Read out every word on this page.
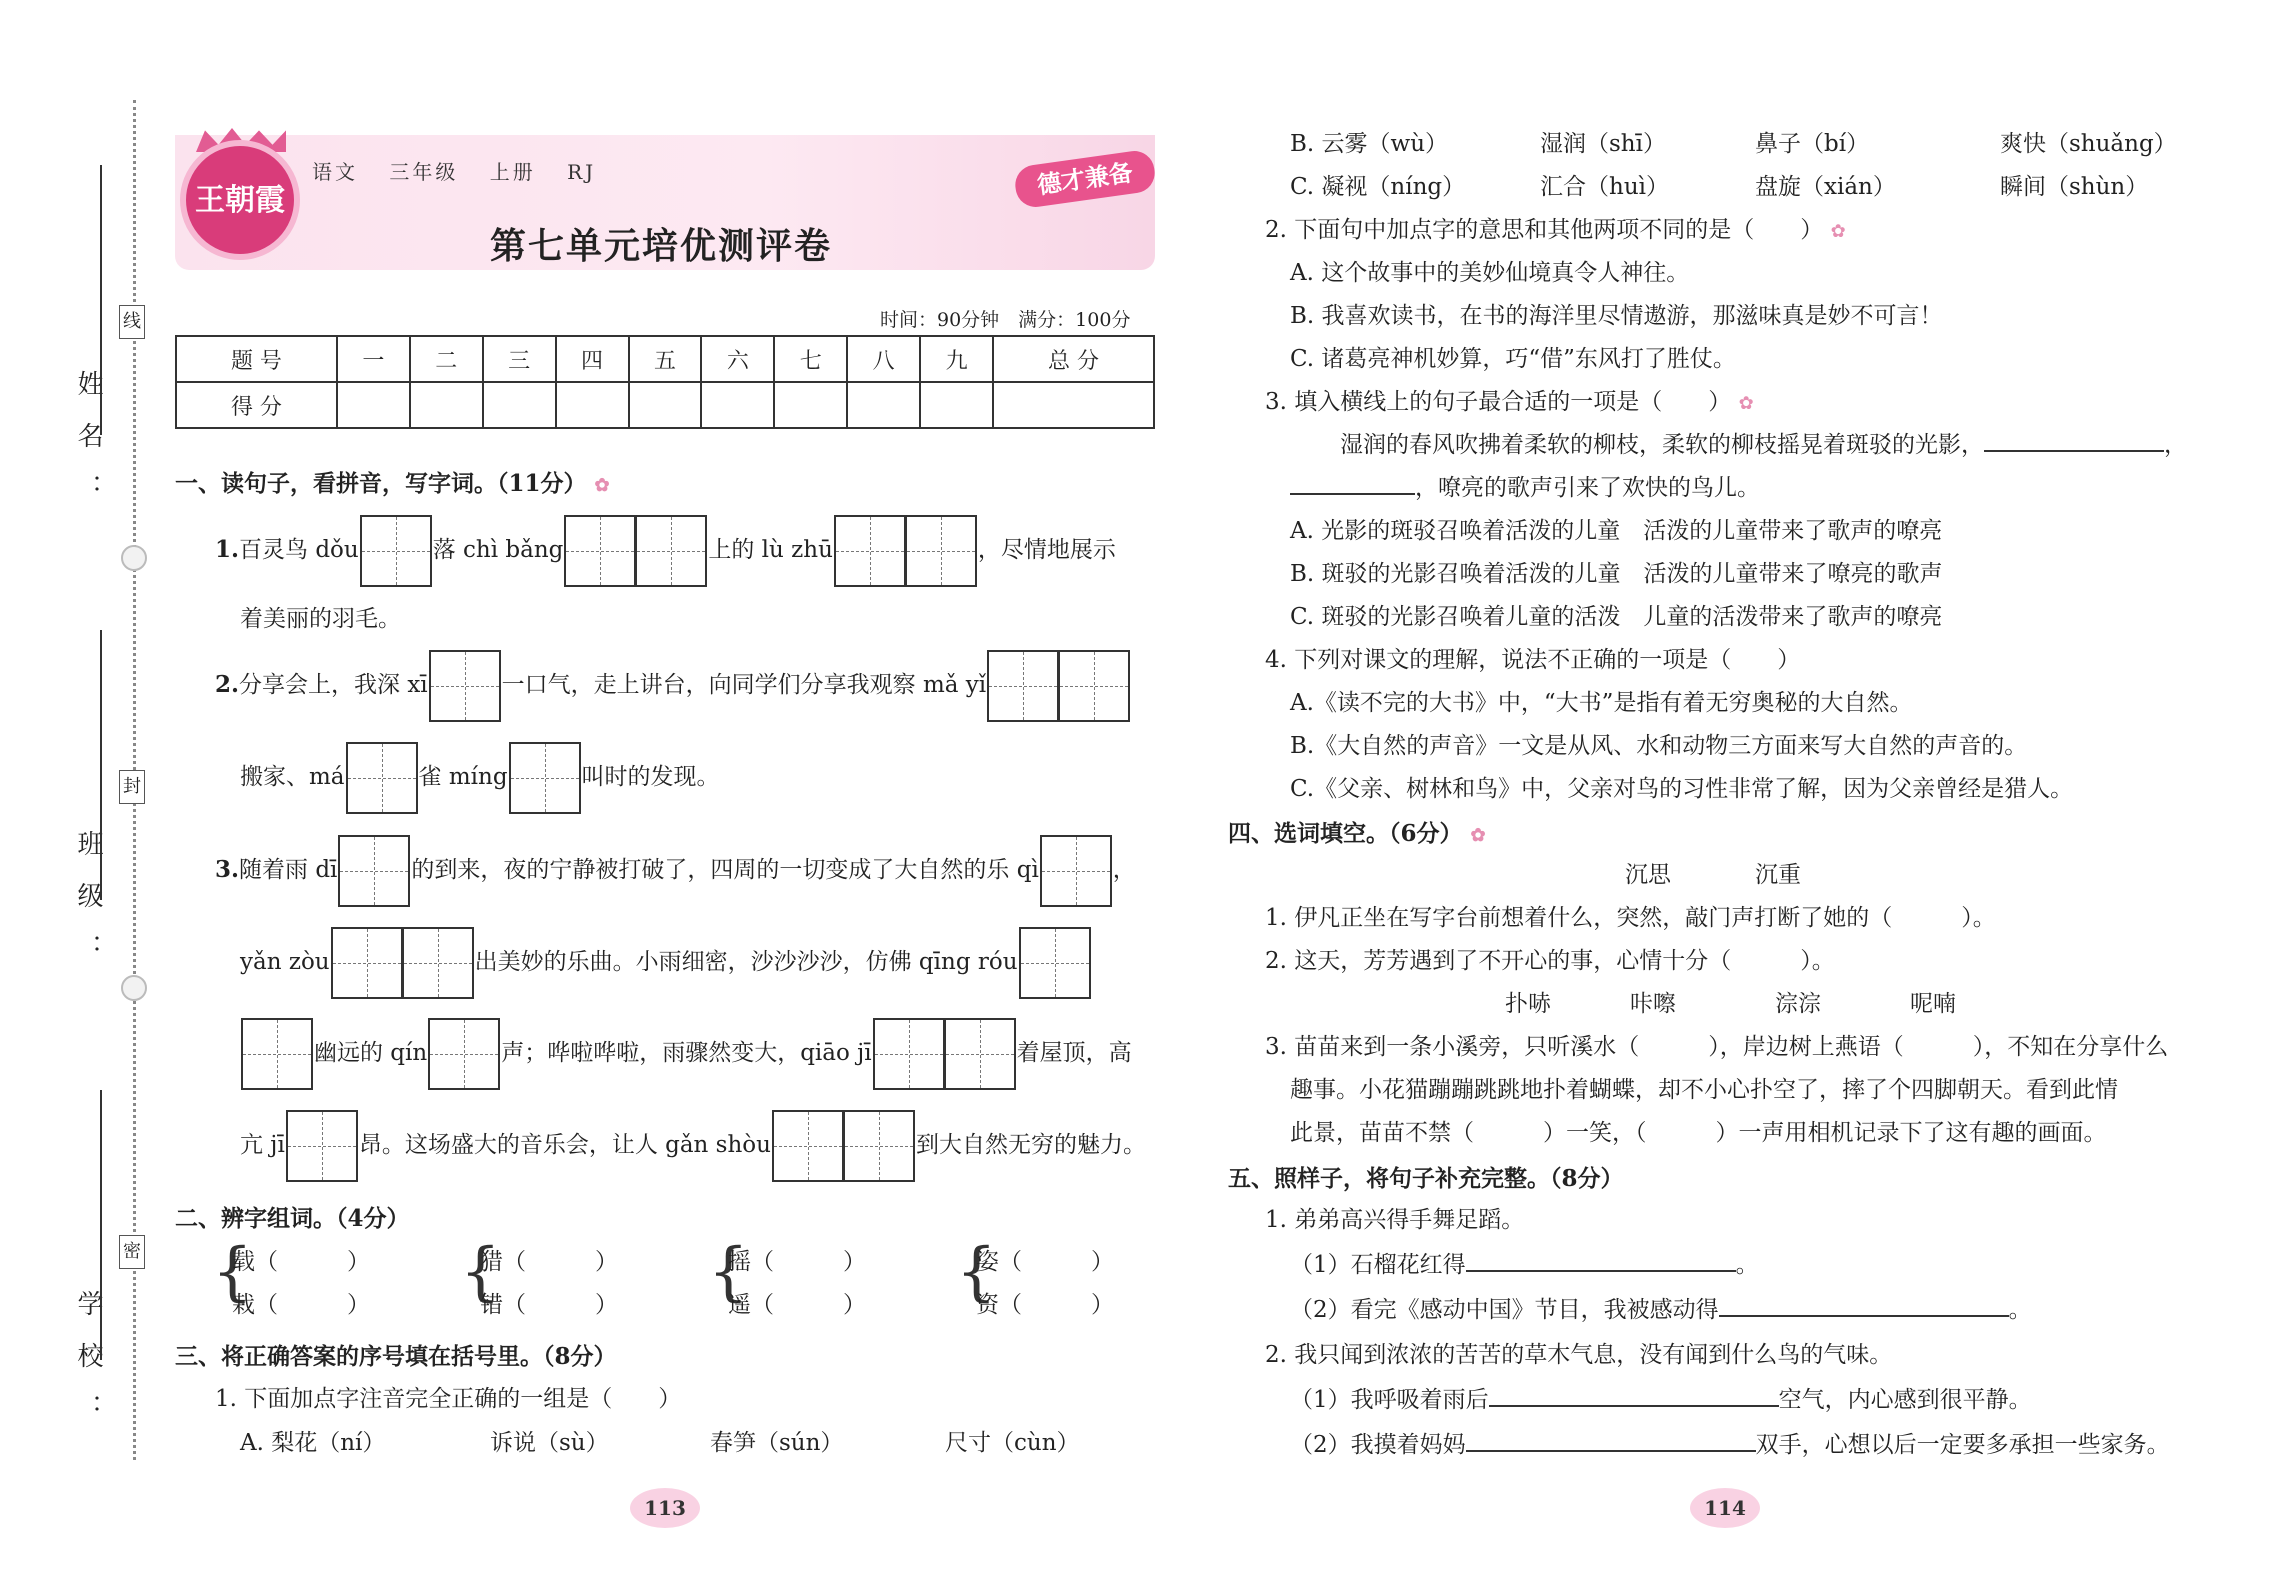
姓名：
线
班级：
封
学校：
密
王朝霞
语文 三年级 上册 RJ
第七单元培优测评卷
德才兼备
时间：90分钟　满分：100分
题 号	一	二	三	四	五	六	七	八	九	总 分
得 分										
一、读句子，看拼音，写字词。（11分） ✿
1.百灵鸟 dǒu	落 chì bǎng	上的 lù zhū	，尽情地展示
着美丽的羽毛。
2.分享会上，我深 xī	一口气，走上讲台，向同学们分享我观察 mǎ yǐ
搬家、má	雀 míng	叫时的发现。
3.随着雨 dī	的到来，夜的宁静被打破了，四周的一切变成了大自然的乐 qì	，
yǎn zòu	出美妙的乐曲。小雨细密，沙沙沙沙，仿佛 qīng róu
幽远的 qín	声；哗啦哗啦，雨骤然变大，qiāo jī	着屋顶，高
亢 jī	昂。这场盛大的音乐会，让人 gǎn shòu	到大自然无穷的魅力。
二、辨字组词。（4分）
{
载（　　　）
栽（　　　） {
猎（　　　）
错（　　　） {
摇（　　　）
遥（　　　） {
姿（　　　）
资（　　　）
三、将正确答案的序号填在括号里。（8分）
1. 下面加点字注音完全正确的一组是（　　）
A. 梨花（ní）	诉说（sù）	春笋（sún）	尺寸（cùn）
113
B. 云雾（wù）	湿润（shī）	鼻子（bí）	爽快（shuǎng）
C. 凝视（níng）	汇合（huì）	盘旋（xián）	瞬间（shùn）
2. 下面句中加点字的意思和其他两项不同的是（　　） ✿
A. 这个故事中的美妙仙境真令人神往。
B. 我喜欢读书，在书的海洋里尽情遨游，那滋味真是妙不可言！
C. 诸葛亮神机妙算，巧“借”东风打了胜仗。
3. 填入横线上的句子最合适的一项是（　　） ✿
湿润的春风吹拂着柔软的柳枝，柔软的柳枝摇晃着斑驳的光影，	，
，嘹亮的歌声引来了欢快的鸟儿。
A. 光影的斑驳召唤着活泼的儿童　活泼的儿童带来了歌声的嘹亮
B. 斑驳的光影召唤着活泼的儿童　活泼的儿童带来了嘹亮的歌声
C. 斑驳的光影召唤着儿童的活泼　儿童的活泼带来了歌声的嘹亮
4. 下列对课文的理解，说法不正确的一项是（　　）
A.《读不完的大书》中，“大书”是指有着无穷奥秘的大自然。
B.《大自然的声音》一文是从风、水和动物三方面来写大自然的声音的。
C.《父亲、树林和鸟》中，父亲对鸟的习性非常了解，因为父亲曾经是猎人。
四、选词填空。（6分） ✿
沉思	沉重
1. 伊凡正坐在写字台前想着什么，突然，敲门声打断了她的（　　　）。
2. 这天，芳芳遇到了不开心的事，心情十分（　　　）。
扑哧	咔嚓	淙淙	呢喃
3. 苗苗来到一条小溪旁，只听溪水（　　　），岸边树上燕语（　　　），不知在分享什么
趣事。小花猫蹦蹦跳跳地扑着蝴蝶，却不小心扑空了，摔了个四脚朝天。看到此情
此景，苗苗不禁（　　　）一笑，（　　　）一声用相机记录下了这有趣的画面。
五、照样子，将句子补充完整。（8分）
1. 弟弟高兴得手舞足蹈。
（1）石榴花红得	。
（2）看完《感动中国》节目，我被感动得	。
2. 我只闻到浓浓的苦苦的草木气息，没有闻到什么鸟的气味。
（1）我呼吸着雨后	空气，内心感到很平静。
（2）我摸着妈妈	双手，心想以后一定要多承担一些家务。
114
